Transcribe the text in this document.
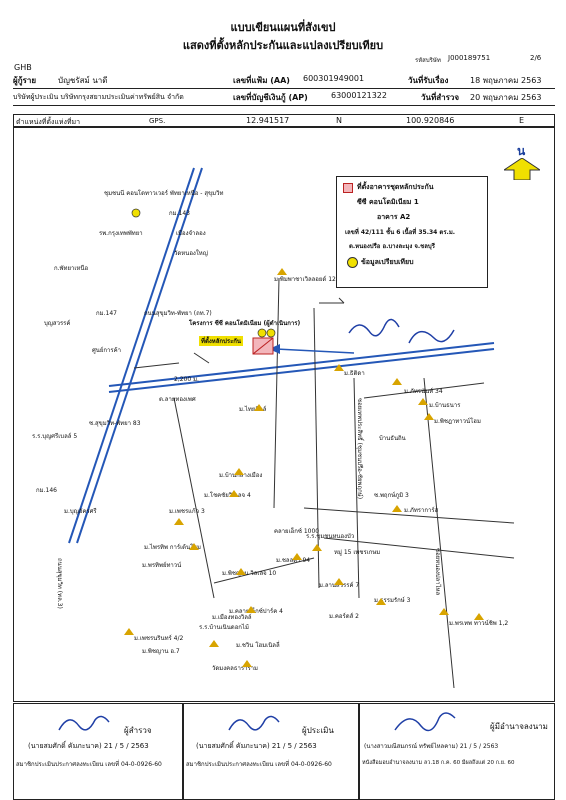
แบบเขียนแผนที่สังเขป
แสดงที่ตั้งหลักประกันและแปลงเปรียบเทียบ
รหัสบริษัท J000189751	2/6
GHB
ผู้กู้ราย	บัญชรัสม์ นาดี	เลขที่แฟ้ม (AA) 600301949001	วันที่รับเรื่อง	18 พฤษภาคม 2563
บริษัทผู้ประเมิน บริษัทกรุงสยามประเมินค่าทรัพย์สิน จำกัด	เลขที่บัญชีเงินกู้ (AP)	63000121322	วันที่สำรวจ 20 พฤษภาคม 2563
ตำแหน่งที่ตั้งแห่งที่มา	GPS.	12.941517	N	100.920846	E
ที่ตั้งอาคารชุดหลักประกัน
ซีซี คอนโดมิเนียม 1
อาคาร A2
เลขที่ 42/111 ชั้น 6 เนื้อที่ 35.34 ตร.ม.
ต.หนองปรือ อ.บางละมุง จ.ชลบุรี
ข้อมูลเปรียบเทียบ
น
ชุมชนนี คอนโดทาวเวอร์ พัทยาเหนือ - สุขุมวิท
กม.143
รพ.กรุงเทพพัทยา
ก.พัทยาเหนือ
เมืองจำลอง
วัดหนองใหญ่
กม.147	ถนนสุขุมวิท-พัทยา (ถท.7)
บุญสวรรค์
ศูนย์การค้า
โครงการ ซีซี คอนโดมิเนียม (ผู้ดำเนินการ)
ที่ตั้งหลักประกัน
ม.พิมพาชาเวิลลอยด์ 12
ม.ธิติดา
ม.ภัทรนันท์ 34
ม.บ้านธนาร
ม.พิชฎาทาวน์โฮม
2,200 ม.
บ้านธันถิน
ร.ร.บุญศรีเบลล์ 5
ซ.สุขุมวิท-พัทยา 83
ต.ลายทองเพศ
ม.ไทยฮิลล์
ม.บ้านกลางเมือง
ม.โชคชัยวิลเลจ 4
ม.เพชรแก้ว 3
ม.บุญอัครศรี
กม.146
ม.พรทิพย์ทาวน์
ร.ร.ชุมชนหนองบัว
หมู่ 15 เพชรเกษม
ซ.พฤกษ์ภูมิ 3
ม.ภัทราการ์ส
คลายเอ็กซ์ 1000
ม.ชลลดา 94
ม.ลานสวรรค์ 7
ม.ไพรทิพ การ์เด้นโฮม
ม.พิชญาน วิลเลจ 10
ม.คลายเอ็กซ์ปาร์ค 4
ม.ธรรมรักษ์ 3
ร.ร.บ้านเนินดอกไม้
ม.เพชรนรินทร์ 4/2
ม.พิชญาน อ.7
ม.คอร์ดส์ 2
ม.พรเทพ ทาวน์ชิพ 1,2
ม.เมืองทองวิลล์
ม.ชวิน โฮมเนิลลี่
วัดมงคลธาราราม
ซอยหนองปลาไหล
ซอยเทพประสิทธิ์ (ชุมชนปรือ-ชัยพฤกษ์)
ถนนสุขุมวิท (ทล.3)
ผู้สำรวจ
(นายสมศักดิ์ คัมภะนาค) 21 / 5 / 2563
สมาชิกประเมินประกาศลงทะเบียน เลขที่ 04-0-0926-60
ผู้ประเมิน
(นายสมศักดิ์ คัมภะนาค) 21 / 5 / 2563
สมาชิกประเมินประกาศลงทะเบียน เลขที่ 04-0-0926-60
ผู้มีอำนาจลงนาม
(นางสาวมณีสมภรณ์ ทรัพย์ไหลคาม) 21 / 5 / 2563
หนังสือมอบอำนาจลงนาม ลว.18 ก.ค. 60 มีผลถึงแต่ 20 ก.ย. 60
